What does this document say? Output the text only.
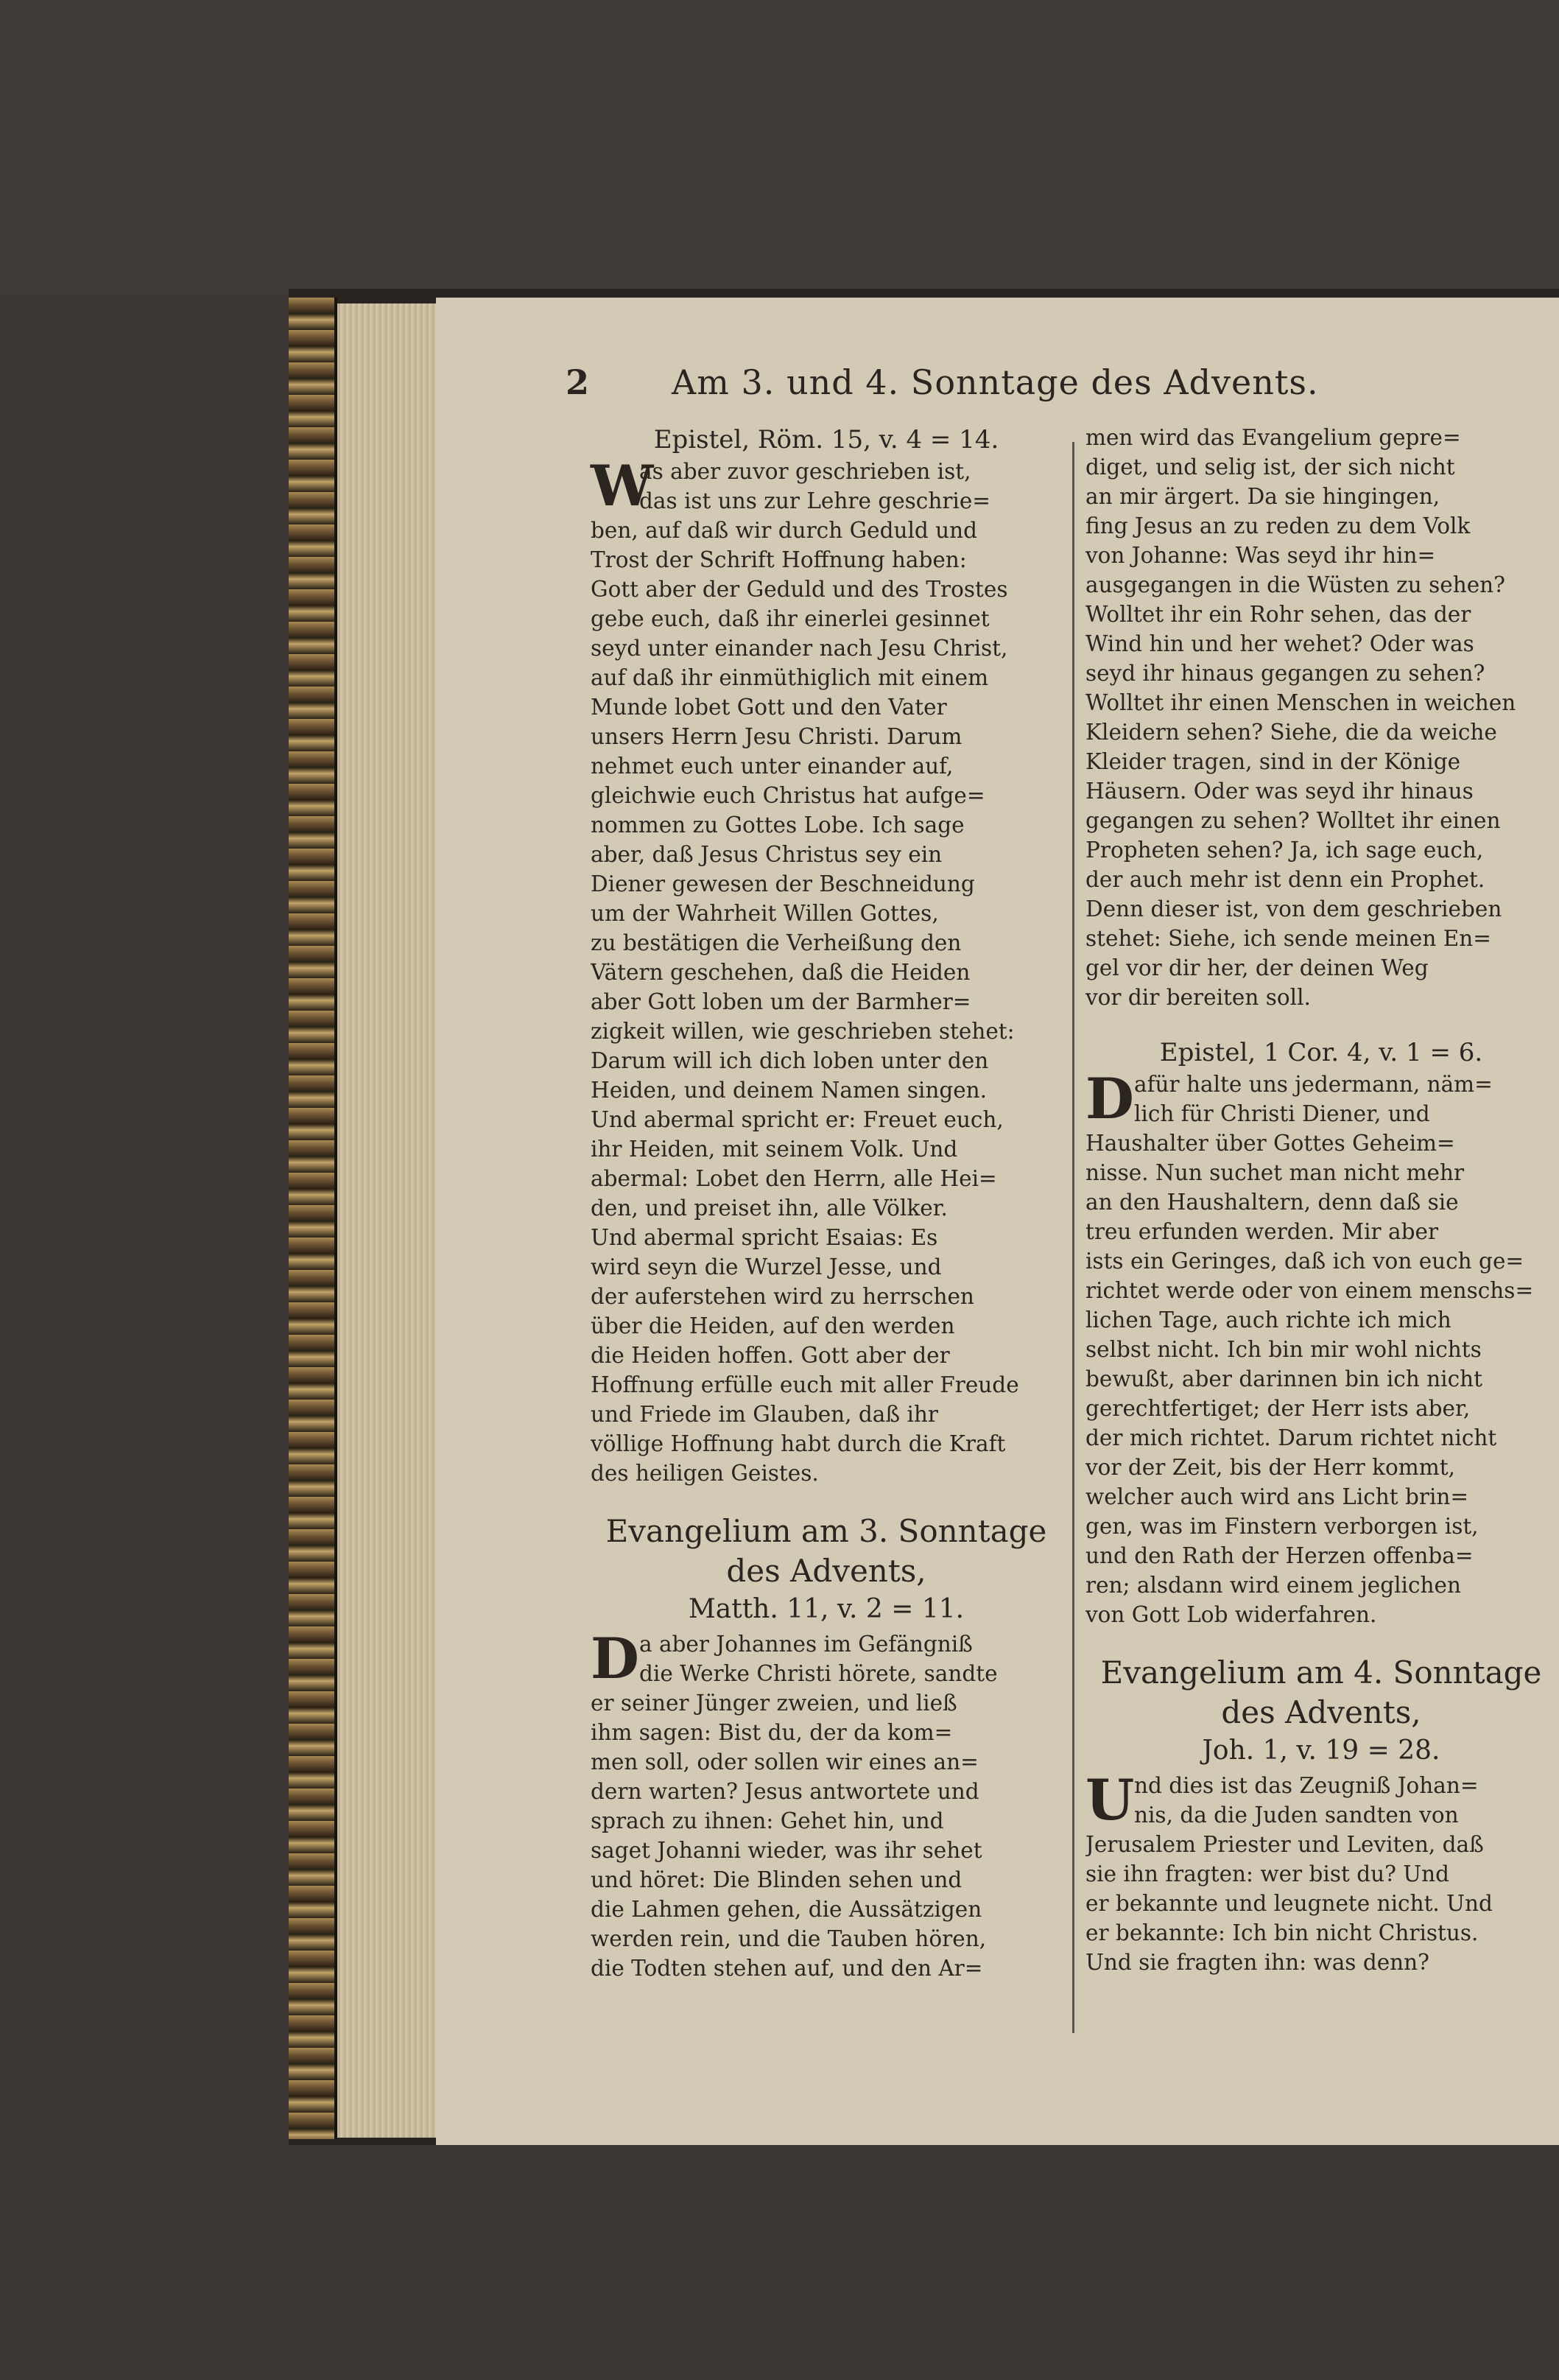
2 Am 3. und 4. Sonntage des Advents.
Epistel, Röm. 15, v. 4 = 14.
W
as aber zuvor geschrieben ist,
das ist uns zur Lehre geschrie=
ben, auf daß wir durch Geduld und
Trost der Schrift Hoffnung haben:
Gott aber der Geduld und des Trostes
gebe euch, daß ihr einerlei gesinnet
seyd unter einander nach Jesu Christ,
auf daß ihr einmüthiglich mit einem
Munde lobet Gott und den Vater
unsers Herrn Jesu Christi. Darum
nehmet euch unter einander auf,
gleichwie euch Christus hat aufge=
nommen zu Gottes Lobe. Ich sage
aber, daß Jesus Christus sey ein
Diener gewesen der Beschneidung
um der Wahrheit Willen Gottes,
zu bestätigen die Verheißung den
Vätern geschehen, daß die Heiden
aber Gott loben um der Barmher=
zigkeit willen, wie geschrieben stehet:
Darum will ich dich loben unter den
Heiden, und deinem Namen singen.
Und abermal spricht er: Freuet euch,
ihr Heiden, mit seinem Volk. Und
abermal: Lobet den Herrn, alle Hei=
den, und preiset ihn, alle Völker.
Und abermal spricht Esaias: Es
wird seyn die Wurzel Jesse, und
der auferstehen wird zu herrschen
über die Heiden, auf den werden
die Heiden hoffen. Gott aber der
Hoffnung erfülle euch mit aller Freude
und Friede im Glauben, daß ihr
völlige Hoffnung habt durch die Kraft
des heiligen Geistes.
Evangelium am 3. Sonntage
des Advents,
Matth. 11, v. 2 = 11.
D a aber Johannes im Gefängniß
die Werke Christi hörete, sandte
er seiner Jünger zweien, und ließ
ihm sagen: Bist du, der da kom=
men soll, oder sollen wir eines an=
dern warten? Jesus antwortete und
sprach zu ihnen: Gehet hin, und
saget Johanni wieder, was ihr sehet
und höret: Die Blinden sehen und
die Lahmen gehen, die Aussätzigen
werden rein, und die Tauben hören,
die Todten stehen auf, und den Ar=
men wird das Evangelium gepre=
diget, und selig ist, der sich nicht
an mir ärgert. Da sie hingingen,
fing Jesus an zu reden zu dem Volk
von Johanne: Was seyd ihr hin=
ausgegangen in die Wüsten zu sehen?
Wolltet ihr ein Rohr sehen, das der
Wind hin und her wehet? Oder was
seyd ihr hinaus gegangen zu sehen?
Wolltet ihr einen Menschen in weichen
Kleidern sehen? Siehe, die da weiche
Kleider tragen, sind in der Könige
Häusern. Oder was seyd ihr hinaus
gegangen zu sehen? Wolltet ihr einen
Propheten sehen? Ja, ich sage euch,
der auch mehr ist denn ein Prophet.
Denn dieser ist, von dem geschrieben
stehet: Siehe, ich sende meinen En=
gel vor dir her, der deinen Weg
vor dir bereiten soll.
Epistel, 1 Cor. 4, v. 1 = 6.
D afür halte uns jedermann, näm=
lich für Christi Diener, und
Haushalter über Gottes Geheim=
nisse. Nun suchet man nicht mehr
an den Haushaltern, denn daß sie
treu erfunden werden. Mir aber
ists ein Geringes, daß ich von euch ge=
richtet werde oder von einem menschs=
lichen Tage, auch richte ich mich
selbst nicht. Ich bin mir wohl nichts
bewußt, aber darinnen bin ich nicht
gerechtfertiget; der Herr ists aber,
der mich richtet. Darum richtet nicht
vor der Zeit, bis der Herr kommt,
welcher auch wird ans Licht brin=
gen, was im Finstern verborgen ist,
und den Rath der Herzen offenba=
ren; alsdann wird einem jeglichen
von Gott Lob widerfahren.
Evangelium am 4. Sonntage
des Advents,
Joh. 1, v. 19 = 28.
U nd dies ist das Zeugniß Johan=
nis, da die Juden sandten von
Jerusalem Priester und Leviten, daß
sie ihn fragten: wer bist du? Und
er bekannte und leugnete nicht. Und
er bekannte: Ich bin nicht Christus.
Und sie fragten ihn: was denn?
